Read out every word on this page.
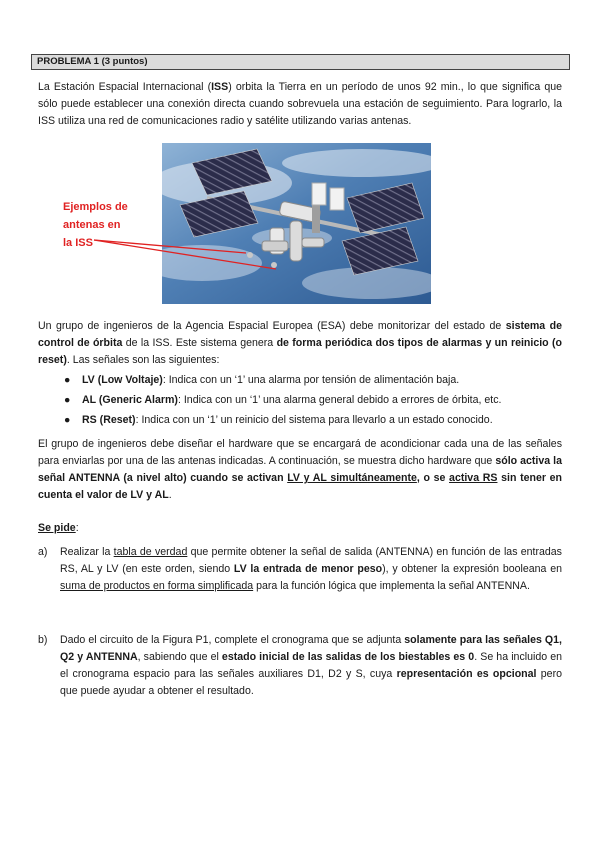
PROBLEMA 1 (3 puntos)
La Estación Espacial Internacional (ISS) orbita la Tierra en un período de unos 92 min., lo que significa que sólo puede establecer una conexión directa cuando sobrevuela una estación de seguimiento. Para lograrlo, la ISS utiliza una red de comunicaciones radio y satélite utilizando varias antenas.
Ejemplos de
antenas en
la ISS
Un grupo de ingenieros de la Agencia Espacial Europea (ESA) debe monitorizar del estado de sistema de control de órbita de la ISS. Este sistema genera de forma periódica dos tipos de alarmas y un reinicio (o reset). Las señales son las siguientes:
● LV (Low Voltaje): Indica con un ‘1’ una alarma por tensión de alimentación baja.
● AL (Generic Alarm): Indica con un ‘1’ una alarma general debido a errores de órbita, etc.
● RS (Reset): Indica con un ‘1’ un reinicio del sistema para llevarlo a un estado conocido.
El grupo de ingenieros debe diseñar el hardware que se encargará de acondicionar cada una de las señales para enviarlas por una de las antenas indicadas. A continuación, se muestra dicho hardware que sólo activa la señal ANTENNA (a nivel alto) cuando se activan LV y AL simultáneamente, o se activa RS sin tener en cuenta el valor de LV y AL.
Se pide:
a) Realizar la tabla de verdad que permite obtener la señal de salida (ANTENNA) en función de las entradas RS, AL y LV (en este orden, siendo LV la entrada de menor peso), y obtener la expresión booleana en suma de productos en forma simplificada para la función lógica que implementa la señal ANTENNA.
b) Dado el circuito de la Figura P1, complete el cronograma que se adjunta solamente para las señales Q1, Q2 y ANTENNA, sabiendo que el estado inicial de las salidas de los biestables es 0. Se ha incluido en el cronograma espacio para las señales auxiliares D1, D2 y S, cuya representación es opcional pero que puede ayudar a obtener el resultado.
